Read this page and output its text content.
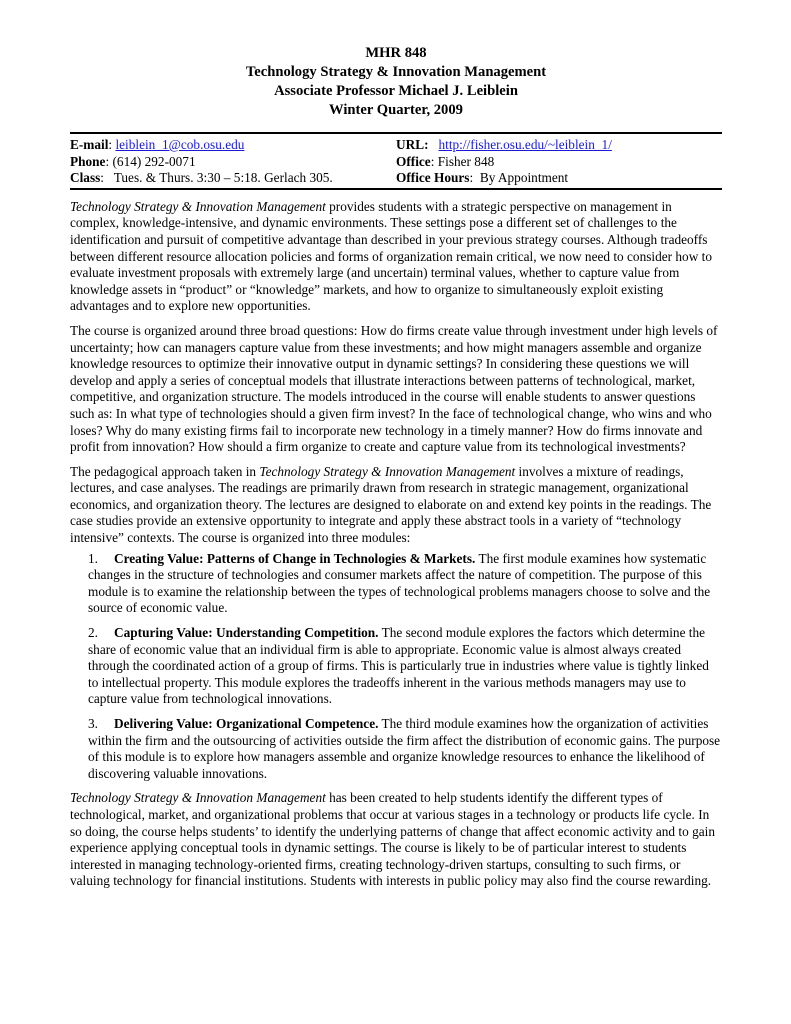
MHR 848
Technology Strategy & Innovation Management
Associate Professor Michael J. Leiblein
Winter Quarter, 2009
E-mail: leiblein_1@cob.osu.edu	URL: http://fisher.osu.edu/~leiblein_1/
Phone: (614) 292-0071	Office: Fisher 848
Class:   Tues. & Thurs. 3:30 – 5:18. Gerlach 305.	Office Hours:  By Appointment

Technology Strategy & Innovation Management provides students with a strategic perspective on management in complex, knowledge-intensive, and dynamic environments. These settings pose a different set of challenges to the identification and pursuit of competitive advantage than described in your previous strategy courses. Although tradeoffs between different resource allocation policies and forms of organization remain critical, we now need to consider how to evaluate investment proposals with extremely large (and uncertain) terminal values, whether to capture value from knowledge assets in “product” or “knowledge” markets, and how to organize to simultaneously exploit existing advantages and to explore new opportunities.

The course is organized around three broad questions: How do firms create value through investment under high levels of uncertainty; how can managers capture value from these investments; and how might managers assemble and organize knowledge resources to optimize their innovative output in dynamic settings? In considering these questions we will develop and apply a series of conceptual models that illustrate interactions between patterns of technological, market, competitive, and organization structure. The models introduced in the course will enable students to answer questions such as: In what type of technologies should a given firm invest? In the face of technological change, who wins and who loses? Why do many existing firms fail to incorporate new technology in a timely manner? How do firms innovate and profit from innovation? How should a firm organize to create and capture value from its technological investments?

The pedagogical approach taken in Technology Strategy & Innovation Management involves a mixture of readings, lectures, and case analyses. The readings are primarily drawn from research in strategic management, organizational economics, and organization theory. The lectures are designed to elaborate on and extend key points in the readings. The case studies provide an extensive opportunity to integrate and apply these abstract tools in a variety of “technology intensive” contexts. The course is organized into three modules:

1. Creating Value: Patterns of Change in Technologies & Markets. The first module examines how systematic changes in the structure of technologies and consumer markets affect the nature of competition. The purpose of this module is to examine the relationship between the types of technological problems managers choose to solve and the source of economic value.
2. Capturing Value: Understanding Competition. The second module explores the factors which determine the share of economic value that an individual firm is able to appropriate. Economic value is almost always created through the coordinated action of a group of firms. This is particularly true in industries where value is tightly linked to intellectual property. This module explores the tradeoffs inherent in the various methods managers may use to capture value from technological innovations.
3. Delivering Value: Organizational Competence. The third module examines how the organization of activities within the firm and the outsourcing of activities outside the firm affect the distribution of economic gains. The purpose of this module is to explore how managers assemble and organize knowledge resources to enhance the likelihood of discovering valuable innovations.

Technology Strategy & Innovation Management has been created to help students identify the different types of technological, market, and organizational problems that occur at various stages in a technology or products life cycle. In so doing, the course helps students’ to identify the underlying patterns of change that affect economic activity and to gain experience applying conceptual tools in dynamic settings. The course is likely to be of particular interest to students interested in managing technology-oriented firms, creating technology-driven startups, consulting to such firms, or valuing technology for financial institutions. Students with interests in public policy may also find the course rewarding.
